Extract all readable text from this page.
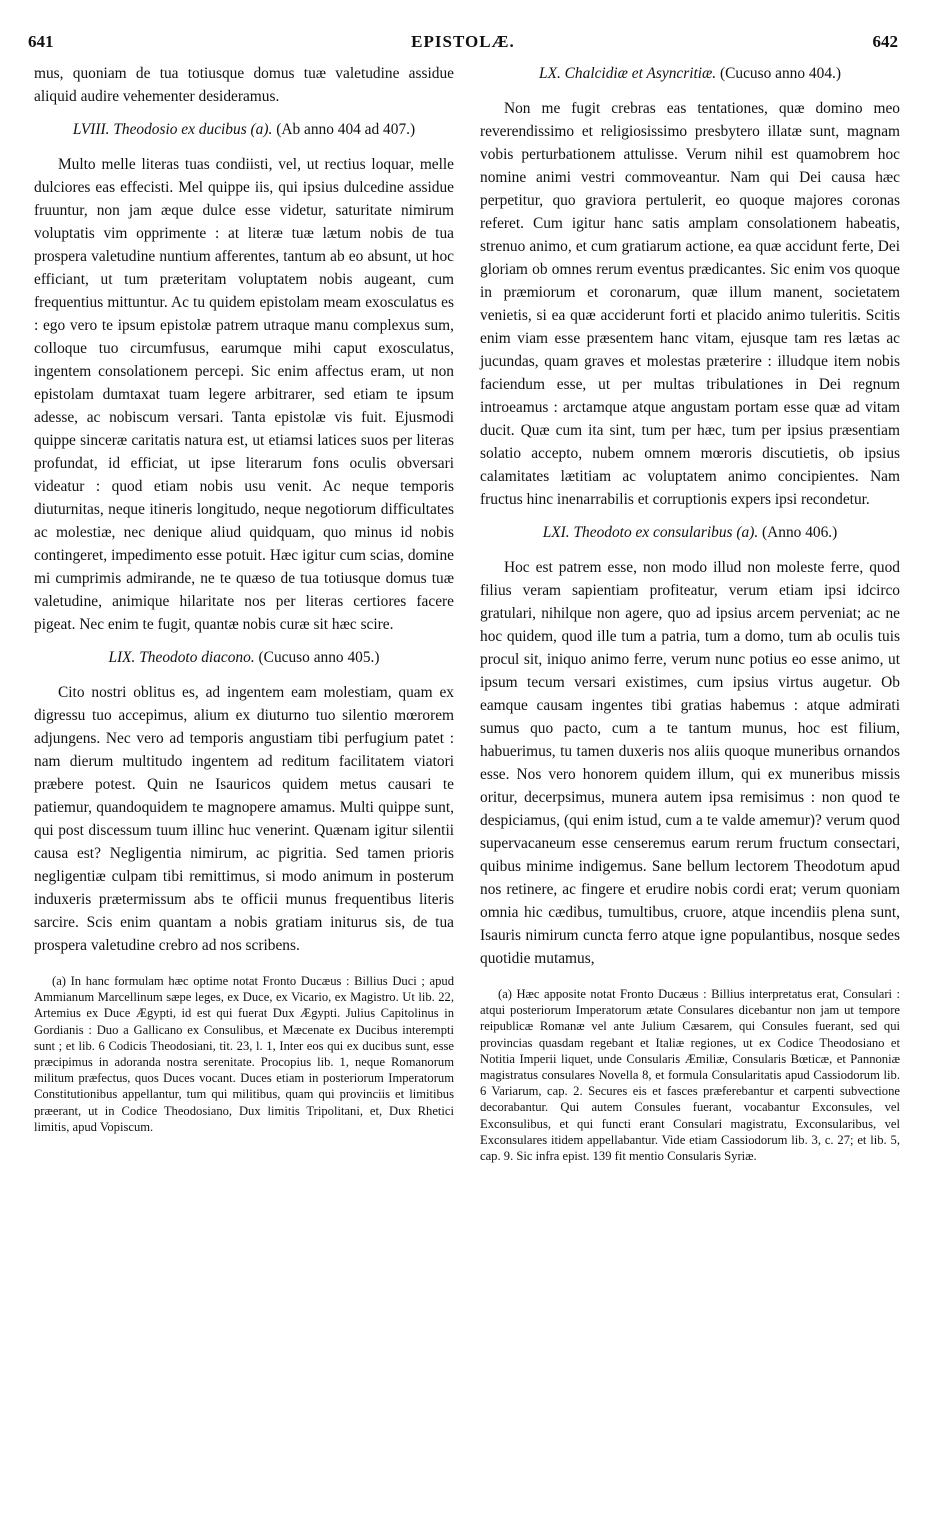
641	EPISTOLÆ.	642

mus, quoniam de tua totiusque domus tuæ valetudine assidue aliquid audire vehementer desideramus.

LVIII. Theodosio ex ducibus (a). (Ab anno 404 ad 407.)

Multo melle literas tuas condiisti, vel, ut rectius loquar, melle dulciores eas effecisti. Mel quippe iis, qui ipsius dulcedine assidue fruuntur, non jam æque dulce esse videtur, saturitate nimirum voluptatis vim opprimente : at literæ tuæ lætum nobis de tua prospera valetudine nuntium afferentes, tantum ab eo absunt, ut hoc efficiant, ut tum præteritam voluptatem nobis augeant, cum frequentius mittuntur. Ac tu quidem epistolam meam exosculatus es : ego vero te ipsum epistolæ patrem utraque manu complexus sum, colloque tuo circumfusus, earumque mihi caput exosculatus, ingentem consolationem percepi. Sic enim affectus eram, ut non epistolam dumtaxat tuam legere arbitrarer, sed etiam te ipsum adesse, ac nobiscum versari. Tanta epistolæ vis fuit. Ejusmodi quippe sinceræ caritatis natura est, ut etiamsi latices suos per literas profundat, id efficiat, ut ipse literarum fons oculis obversari videatur : quod etiam nobis usu venit. Ac neque temporis diuturnitas, neque itineris longitudo, neque negotiorum difficultates ac molestiæ, nec denique aliud quidquam, quo minus id nobis contingeret, impedimento esse potuit. Hæc igitur cum scias, domine mi cumprimis admirande, ne te quæso de tua totiusque domus tuæ valetudine, animique hilaritate nos per literas certiores facere pigeat. Nec enim te fugit, quantæ nobis curæ sit hæc scire.

LIX. Theodoto diacono. (Cucuso anno 405.)

Cito nostri oblitus es, ad ingentem eam molestiam, quam ex digressu tuo accepimus, alium ex diuturno tuo silentio mœrorem adjungens. Nec vero ad temporis angustiam tibi perfugium patet : nam dierum multitudo ingentem ad reditum facilitatem viatori præbere potest. Quin ne Isauricos quidem metus causari te patiemur, quandoquidem te magnopere amamus. Multi quippe sunt, qui post discessum tuum illinc huc venerint. Quænam igitur silentii causa est? Negligentia nimirum, ac pigritia. Sed tamen prioris negligentiæ culpam tibi remittimus, si modo animum in posterum induxeris prætermissum abs te officii munus frequentibus literis sarcire. Scis enim quantam a nobis gratiam initurus sis, de tua prospera valetudine crebro ad nos scribens.

(a) In hanc formulam hæc optime notat Fronto Ducæus : Billius Duci ; apud Ammianum Marcellinum sæpe leges, ex Duce, ex Vicario, ex Magistro. Ut lib. 22, Artemius ex Duce Ægypti, id est qui fuerat Dux Ægypti. Julius Capitolinus in Gordianis : Duo a Gallicano ex Consulibus, et Mæcenate ex Ducibus interempti sunt ; et lib. 6 Codicis Theodosiani, tit. 23, l. 1, Inter eos qui ex ducibus sunt, esse præcipimus in adoranda nostra serenitate. Procopius lib. 1, neque Romanorum militum præfectus, quos Duces vocant. Duces etiam in posteriorum Imperatorum Constitutionibus appellantur, tum qui militibus, quam qui provinciis et limitibus præerant, ut in Codice Theodosiano, Dux limitis Tripolitani, et, Dux Rhetici limitis, apud Vopiscum.
LX. Chalcidiæ et Asyncritiæ. (Cucuso anno 404.)

Non me fugit crebras eas tentationes, quæ domino meo reverendissimo et religiosissimo presbytero illatæ sunt, magnam vobis perturbationem attulisse. Verum nihil est quamobrem hoc nomine animi vestri commoveantur. Nam qui Dei causa hæc perpetitur, quo graviora pertulerit, eo quoque majores coronas referet. Cum igitur hanc satis amplam consolationem habeatis, strenuo animo, et cum gratiarum actione, ea quæ accidunt ferte, Dei gloriam ob omnes rerum eventus prædicantes. Sic enim vos quoque in præmiorum et coronarum, quæ illum manent, societatem venietis, si ea quæ acciderunt forti et placido animo tuleritis. Scitis enim viam esse præsentem hanc vitam, ejusque tam res lætas ac jucundas, quam graves et molestas præterire : illudque item nobis faciendum esse, ut per multas tribulationes in Dei regnum introeamus : arctamque atque angustam portam esse quæ ad vitam ducit. Quæ cum ita sint, tum per hæc, tum per ipsius præsentiam solatio accepto, nubem omnem mœroris discutietis, ob ipsius calamitates lætitiam ac voluptatem animo concipientes. Nam fructus hinc inenarrabilis et corruptionis expers ipsi recondetur.

LXI. Theodoto ex consularibus (a). (Anno 406.)

Hoc est patrem esse, non modo illud non moleste ferre, quod filius veram sapientiam profiteatur, verum etiam ipsi idcirco gratulari, nihilque non agere, quo ad ipsius arcem perveniat; ac ne hoc quidem, quod ille tum a patria, tum a domo, tum ab oculis tuis procul sit, iniquo animo ferre, verum nunc potius eo esse animo, ut ipsum tecum versari existimes, cum ipsius virtus augetur. Ob eamque causam ingentes tibi gratias habemus : atque admirati sumus quo pacto, cum a te tantum munus, hoc est filium, habuerimus, tu tamen duxeris nos aliis quoque muneribus ornandos esse. Nos vero honorem quidem illum, qui ex muneribus missis oritur, decerpsimus, munera autem ipsa remisimus : non quod te despiciamus, (qui enim istud, cum a te valde amemur)? verum quod supervacaneum esse censeremus earum rerum fructum consectari, quibus minime indigemus. Sane bellum lectorem Theodotum apud nos retinere, ac fingere et erudire nobis cordi erat; verum quoniam omnia hic cædibus, tumultibus, cruore, atque incendiis plena sunt, Isauris nimirum cuncta ferro atque igne populantibus, nosque sedes quotidie mutamus,

(a) Hæc apposite notat Fronto Ducæus : Billius interpretatus erat, Consulari : atqui posteriorum Imperatorum ætate Consulares dicebantur non jam ut tempore reipublicæ Romanæ vel ante Julium Cæsarem, qui Consules fuerant, sed qui provincias quasdam regebant et Italiæ regiones, ut ex Codice Theodosiano et Notitia Imperii liquet, unde Consularis Æmiliæ, Consularis Bœticæ, et Pannoniæ magistratus consulares Novella 8, et formula Consularitatis apud Cassiodorum lib. 6 Variarum, cap. 2. Secures eis et fasces præferebantur et carpenti subvectione decorabantur. Qui autem Consules fuerant, vocabantur Exconsules, vel Exconsulibus, et qui functi erant Consulari magistratu, Exconsularibus, vel Exconsulares itidem appellabantur. Vide etiam Cassiodorum lib. 3, c. 27; et lib. 5, cap. 9. Sic infra epist. 139 fit mentio Consularis Syriæ.
